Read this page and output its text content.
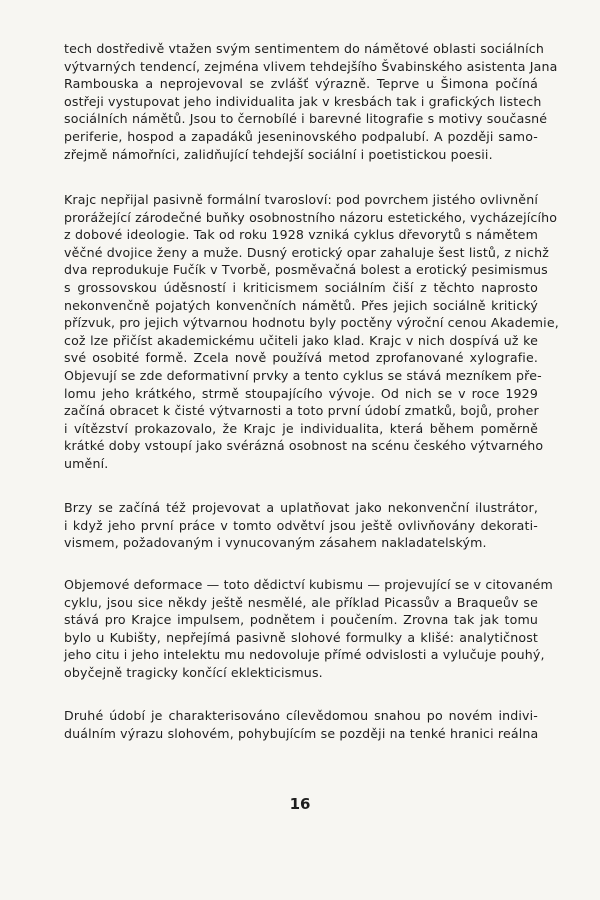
tech dostředivě vtažen svým sentimentem do námětové oblasti sociálních
výtvarných tendencí, zejména vlivem tehdejšího Švabinského asistenta Jana
Rambouska a neprojevoval se zvlášť výrazně. Teprve u Šimona počíná
ostřeji vystupovat jeho individualita jak v kresbách tak i grafických listech
sociálních námětů. Jsou to černobílé i barevné litografie s motivy současné
periferie, hospod a zapadáků jeseninovského podpalubí. A později samo-
zřejmě námořníci, zalidňující tehdejší sociální i poetistickou poesii.
Krajc nepřijal pasivně formální tvarosloví: pod povrchem jistého ovlivnění
prorážející zárodečné buňky osobnostního názoru estetického, vycházejícího
z dobové ideologie. Tak od roku 1928 vzniká cyklus dřevorytů s námětem
věčné dvojice ženy a muže. Dusný erotický opar zahaluje šest listů, z nichž
dva reprodukuje Fučík v Tvorbě, posměvačná bolest a erotický pesimismus
s grossovskou úděsností i kriticismem sociálním čiší z těchto naprosto
nekonvenčně pojatých konvenčních námětů. Přes jejich sociálně kritický
přízvuk, pro jejich výtvarnou hodnotu byly poctěny výroční cenou Akademie,
což lze přičíst akademickému učiteli jako klad. Krajc v nich dospívá už ke
své osobité formě. Zcela nově používá metod zprofanované xylografie.
Objevují se zde deformativní prvky a tento cyklus se stává mezníkem pře-
lomu jeho krátkého, strmě stoupajícího vývoje. Od nich se v roce 1929
začíná obracet k čisté výtvarnosti a toto první údobí zmatků, bojů, proher
i vítězství prokazovalo, že Krajc je individualita, která během poměrně
krátké doby vstoupí jako svérázná osobnost na scénu českého výtvarného
umění.
Brzy se začíná též projevovat a uplatňovat jako nekonvenční ilustrátor,
i když jeho první práce v tomto odvětví jsou ještě ovlivňovány dekorati-
vismem, požadovaným i vynucovaným zásahem nakladatelským.
Objemové deformace — toto dědictví kubismu — projevující se v citovaném
cyklu, jsou sice někdy ještě nesmělé, ale příklad Picassův a Braqueův se
stává pro Krajce impulsem, podnětem i poučením. Zrovna tak jak tomu
bylo u Kubišty, nepřejímá pasivně slohové formulky a klišé: analytičnost
jeho citu i jeho intelektu mu nedovoluje přímé odvislosti a vylučuje pouhý,
obyčejně tragicky končící eklekticismus.
Druhé údobí je charakterisováno cílevědomou snahou po novém indivi-
duálním výrazu slohovém, pohybujícím se později na tenké hranici reálna
16
